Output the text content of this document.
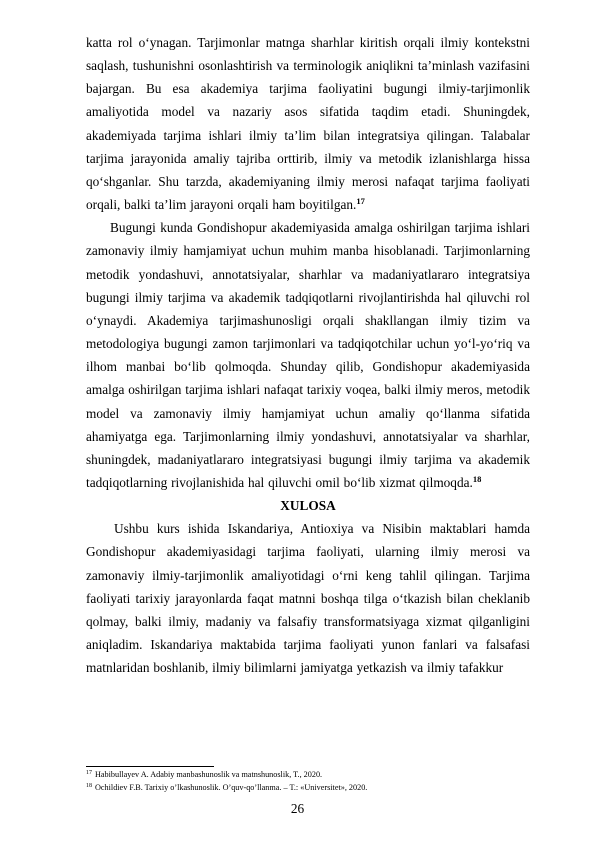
katta rol o‘ynagan. Tarjimonlar matnga sharhlar kiritish orqali ilmiy kontekstni saqlash, tushunishni osonlashtirish va terminologik aniqlikni ta’minlash vazifasini bajargan. Bu esa akademiya tarjima faoliyatini bugungi ilmiy-tarjimonlik amaliyotida model va nazariy asos sifatida taqdim etadi. Shuningdek, akademiyada tarjima ishlari ilmiy ta’lim bilan integratsiya qilingan. Talabalar tarjima jarayonida amaliy tajriba orttirib, ilmiy va metodik izlanishlarga hissa qo‘shganlar. Shu tarzda, akademiyaning ilmiy merosi nafaqat tarjima faoliyati orqali, balki ta’lim jarayoni orqali ham boyitilgan.$^{17}$

Bugungi kunda Gondishopur akademiyasida amalga oshirilgan tarjima ishlari zamonaviy ilmiy hamjamiyat uchun muhim manba hisoblanadi. Tarjimonlarning metodik yondashuvi, annotatsiyalar, sharhlar va madaniyatlararo integratsiya bugungi ilmiy tarjima va akademik tadqiqotlarni rivojlantirishda hal qiluvchi rol o‘ynaydi. Akademiya tarjimashunosligi orqali shakllangan ilmiy tizim va metodologiya bugungi zamon tarjimonlari va tadqiqotchilar uchun yo‘l-yo‘riq va ilhom manbai bo‘lib qolmoqda. Shunday qilib, Gondishopur akademiyasida amalga oshirilgan tarjima ishlari nafaqat tarixiy voqea, balki ilmiy meros, metodik model va zamonaviy ilmiy hamjamiyat uchun amaliy qo‘llanma sifatida ahamiyatga ega. Tarjimonlarning ilmiy yondashuvi, annotatsiyalar va sharhlar, shuningdek, madaniyatlararo integratsiyasi bugungi ilmiy tarjima va akademik tadqiqotlarning rivojlanishida hal qiluvchi omil bo‘lib xizmat qilmoqda.$^{18}$

XULOSA

Ushbu kurs ishida Iskandariya, Antioxiya va Nisibin maktablari hamda Gondishopur akademiyasidagi tarjima faoliyati, ularning ilmiy merosi va zamonaviy ilmiy-tarjimonlik amaliyotidagi o‘rni keng tahlil qilingan. Tarjima faoliyati tarixiy jarayonlarda faqat matnni boshqa tilga o‘tkazish bilan cheklanib qolmay, balki ilmiy, madaniy va falsafiy transformatsiyaga xizmat qilganligini aniqladim. Iskandariya maktabida tarjima faoliyati yunon fanlari va falsafasi matnlaridan boshlanib, ilmiy bilimlarni jamiyatga yetkazish va ilmiy tafakkur

$^{17}$ Habibullayev A. Adabiy manbashunoslik va matnshunoslik, T., 2020.
$^{18}$ Ochildiev F.B. Tarixiy o’lkashunoslik. O’quv-qo’llanma. – T.: «Universitet», 2020.
26
